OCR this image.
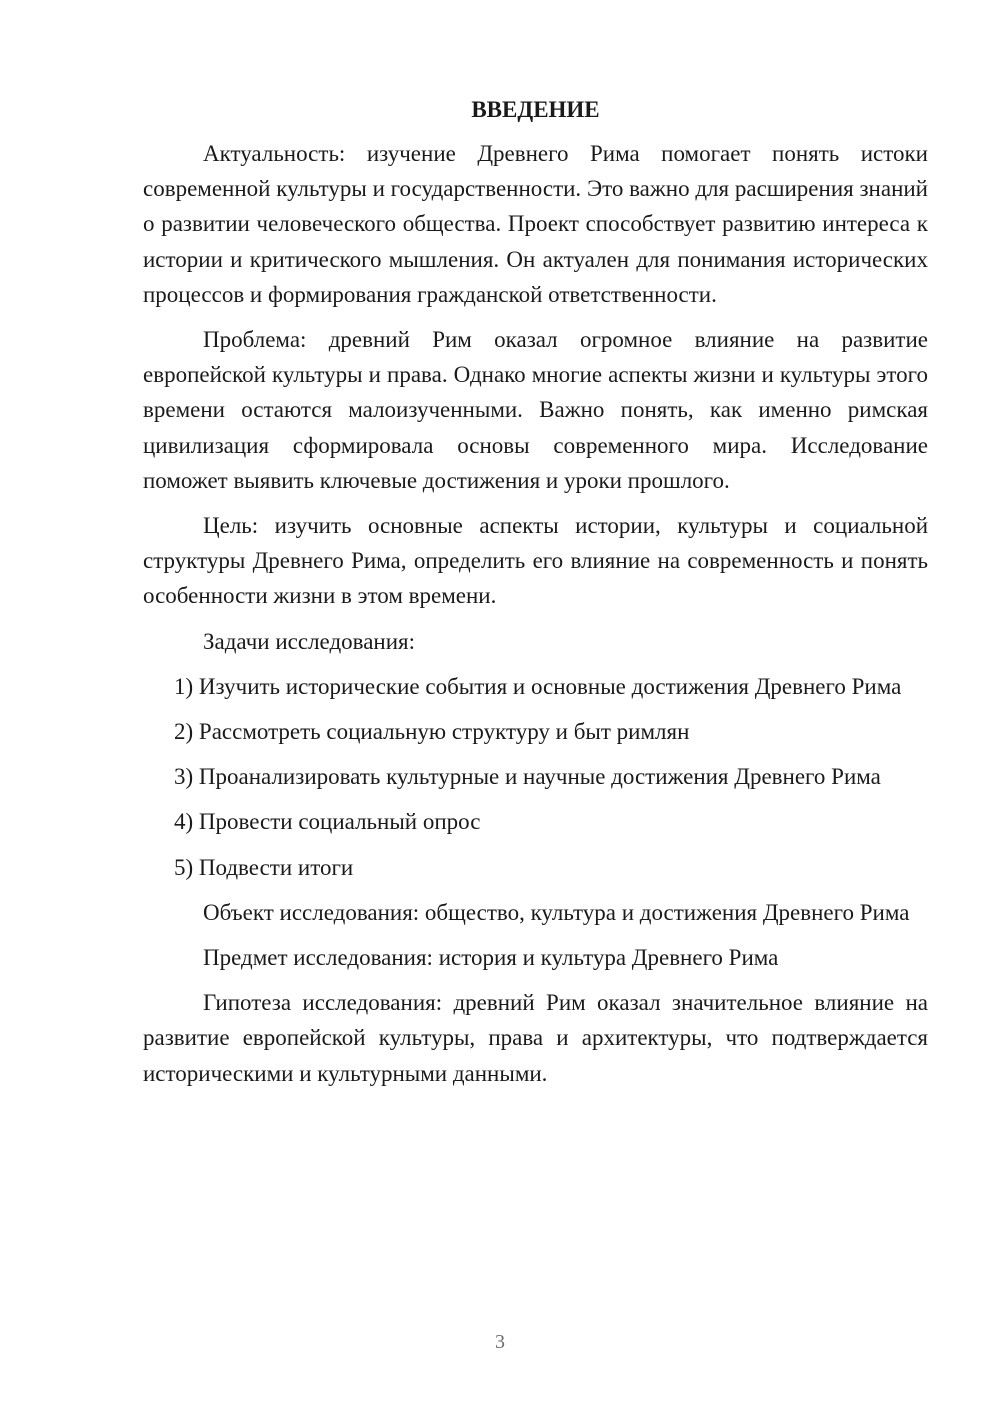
ВВЕДЕНИЕ

Актуальность: изучение Древнего Рима помогает понять истоки современной культуры и государственности. Это важно для расширения знаний о развитии человеческого общества. Проект способствует развитию интереса к истории и критического мышления. Он актуален для понимания исторических процессов и формирования гражданской ответственности.

Проблема: древний Рим оказал огромное влияние на развитие европейской культуры и права. Однако многие аспекты жизни и культуры этого времени остаются малоизученными. Важно понять, как именно римская цивилизация сформировала основы современного мира. Исследование поможет выявить ключевые достижения и уроки прошлого.

Цель: изучить основные аспекты истории, культуры и социальной структуры Древнего Рима, определить его влияние на современность и понять особенности жизни в этом времени.

Задачи исследования:

1) Изучить исторические события и основные достижения Древнего Рима

2) Рассмотреть социальную структуру и быт римлян

3) Проанализировать культурные и научные достижения Древнего Рима

4) Провести социальный опрос

5) Подвести итоги

Объект исследования: общество, культура и достижения Древнего Рима

Предмет исследования: история и культура Древнего Рима

Гипотеза исследования: древний Рим оказал значительное влияние на развитие европейской культуры, права и архитектуры, что подтверждается историческими и культурными данными.

3
